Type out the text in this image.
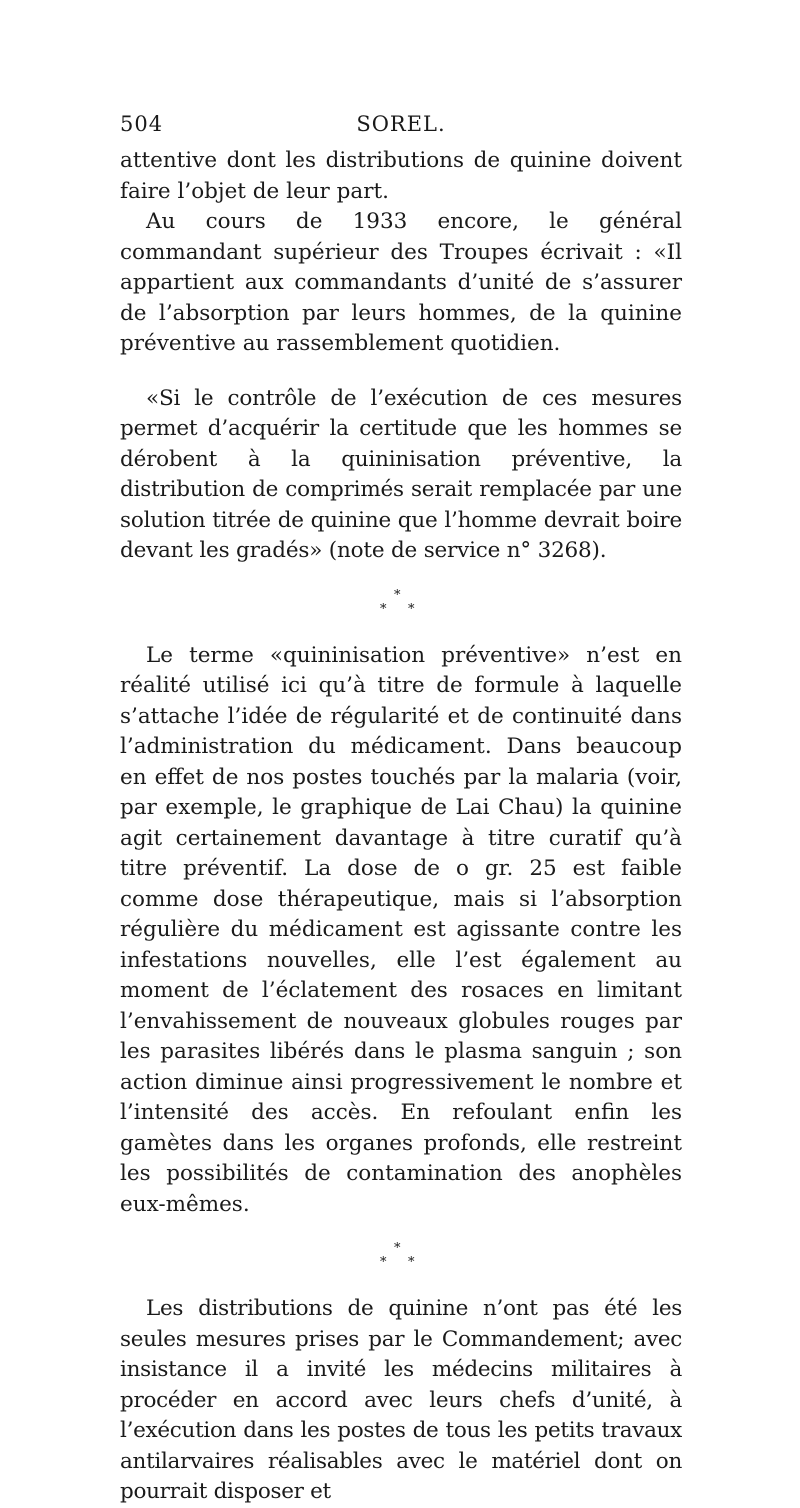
504	SOREL.

attentive dont les distributions de quinine doivent faire l’objet de leur part.

Au cours de 1933 encore, le général commandant supérieur des Troupes écrivait : «Il appartient aux commandants d’unité de s’assurer de l’absorption par leurs hommes, de la quinine préventive au rassemblement quotidien.

«Si le contrôle de l’exécution de ces mesures permet d’acquérir la certitude que les hommes se dérobent à la quininisation préventive, la distribution de comprimés serait remplacée par une solution titrée de quinine que l’homme devrait boire devant les gradés» (note de service n° 3268).

*
* *

Le terme «quininisation préventive» n’est en réalité utilisé ici qu’à titre de formule à laquelle s’attache l’idée de régularité et de continuité dans l’administration du médicament. Dans beaucoup en effet de nos postes touchés par la malaria (voir, par exemple, le graphique de Lai Chau) la quinine agit certainement davantage à titre curatif qu’à titre préventif. La dose de o gr. 25 est faible comme dose thérapeutique, mais si l’absorption régulière du médicament est agissante contre les infestations nouvelles, elle l’est également au moment de l’éclatement des rosaces en limitant l’envahissement de nouveaux globules rouges par les parasites libérés dans le plasma sanguin ; son action diminue ainsi progressivement le nombre et l’intensité des accès. En refoulant enfin les gamètes dans les organes profonds, elle restreint les possibilités de contamination des anophèles eux-mêmes.

*
* *

Les distributions de quinine n’ont pas été les seules mesures prises par le Commandement; avec insistance il a invité les médecins militaires à procéder en accord avec leurs chefs d’unité, à l’exécution dans les postes de tous les petits travaux antilarvaires réalisables avec le matériel dont on pourrait disposer et
